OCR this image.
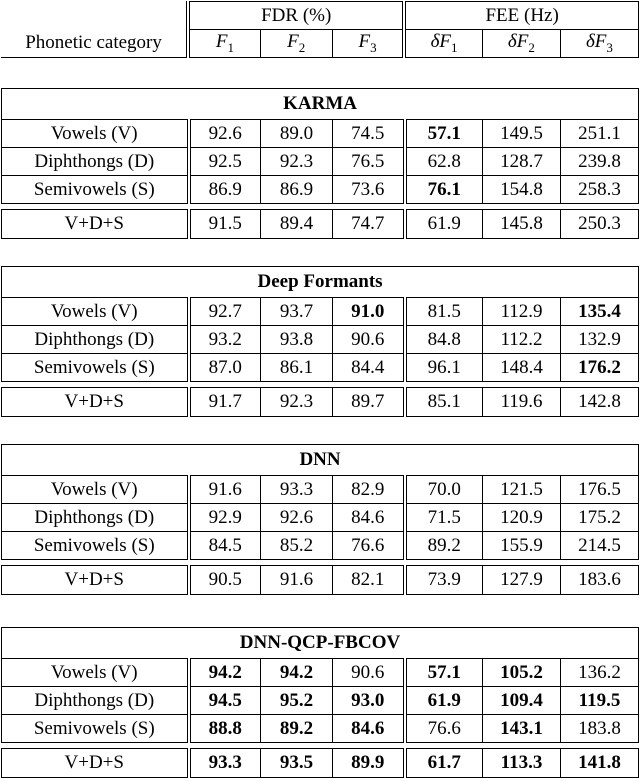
Phonetic category	FDR (%)			FEE (Hz)		
	$F_1$	$F_2$	$F_3$	$\delta F_1$	$\delta F_2$	$\delta F_3$
KARMA						
Vowels (V)	92.6	89.0	74.5	57.1	149.5	251.1
Diphthongs (D)	92.5	92.3	76.5	62.8	128.7	239.8
Semivowels (S)	86.9	86.9	73.6	76.1	154.8	258.3
V+D+S	91.5	89.4	74.7	61.9	145.8	250.3
Deep Formants						
Vowels (V)	92.7	93.7	91.0	81.5	112.9	135.4
Diphthongs (D)	93.2	93.8	90.6	84.8	112.2	132.9
Semivowels (S)	87.0	86.1	84.4	96.1	148.4	176.2
V+D+S	91.7	92.3	89.7	85.1	119.6	142.8
DNN						
Vowels (V)	91.6	93.3	82.9	70.0	121.5	176.5
Diphthongs (D)	92.9	92.6	84.6	71.5	120.9	175.2
Semivowels (S)	84.5	85.2	76.6	89.2	155.9	214.5
V+D+S	90.5	91.6	82.1	73.9	127.9	183.6
DNN-QCP-FBCOV						
Vowels (V)	94.2	94.2	90.6	57.1	105.2	136.2
Diphthongs (D)	94.5	95.2	93.0	61.9	109.4	119.5
Semivowels (S)	88.8	89.2	84.6	76.6	143.1	183.8
V+D+S	93.3	93.5	89.9	61.7	113.3	141.8
